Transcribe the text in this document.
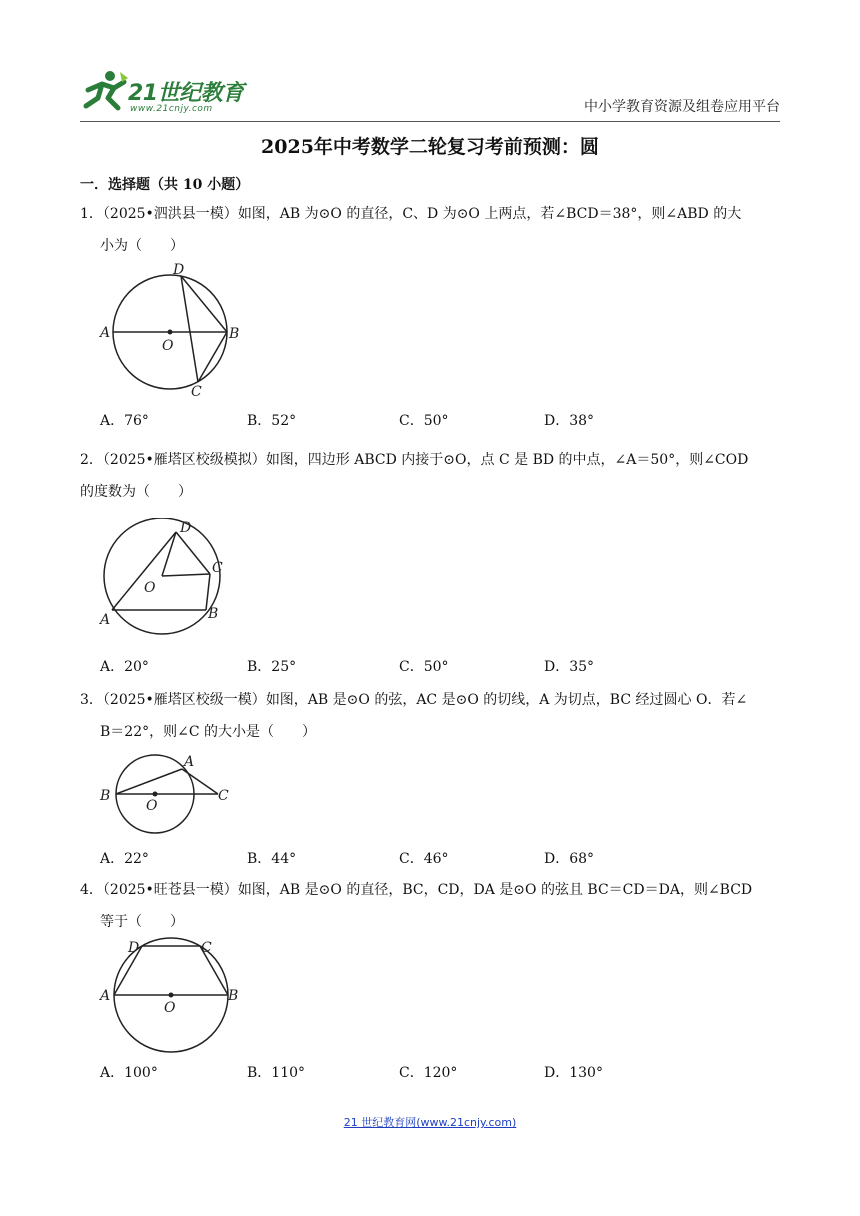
21世纪教育
www.21cnjy.com	中小学教育资源及组卷应用平台
2025年中考数学二轮复习考前预测：圆
一．选择题（共 10 小题）
1．（2025•泗洪县一模）如图，AB 为⊙O 的直径，C、D 为⊙O 上两点，若∠BCD＝38°，则∠ABD 的大
小为（　　）
A	B
C
D
O
A．76°	B．52°	C．50°	D．38°
2．（2025•雁塔区校级模拟）如图，四边形 ABCD 内接于⊙O，点 C 是 BD 的中点，∠A＝50°，则∠COD
的度数为（　　）
A	B
C
D
O
A．20°	B．25°	C．50°	D．35°
3．（2025•雁塔区校级一模）如图，AB 是⊙O 的弦，AC 是⊙O 的切线，A 为切点，BC 经过圆心 O．若∠
B＝22°，则∠C 的大小是（　　）
B
A
C
O
A．22°	B．44°	C．46°	D．68°
4．（2025•旺苍县一模）如图，AB 是⊙O 的直径，BC，CD，DA 是⊙O 的弦且 BC＝CD＝DA，则∠BCD
等于（　　）
A	B
C
D
O
A．100°	B．110°	C．120°	D．130°
21 世纪教育网(www.21cnjy.com)
